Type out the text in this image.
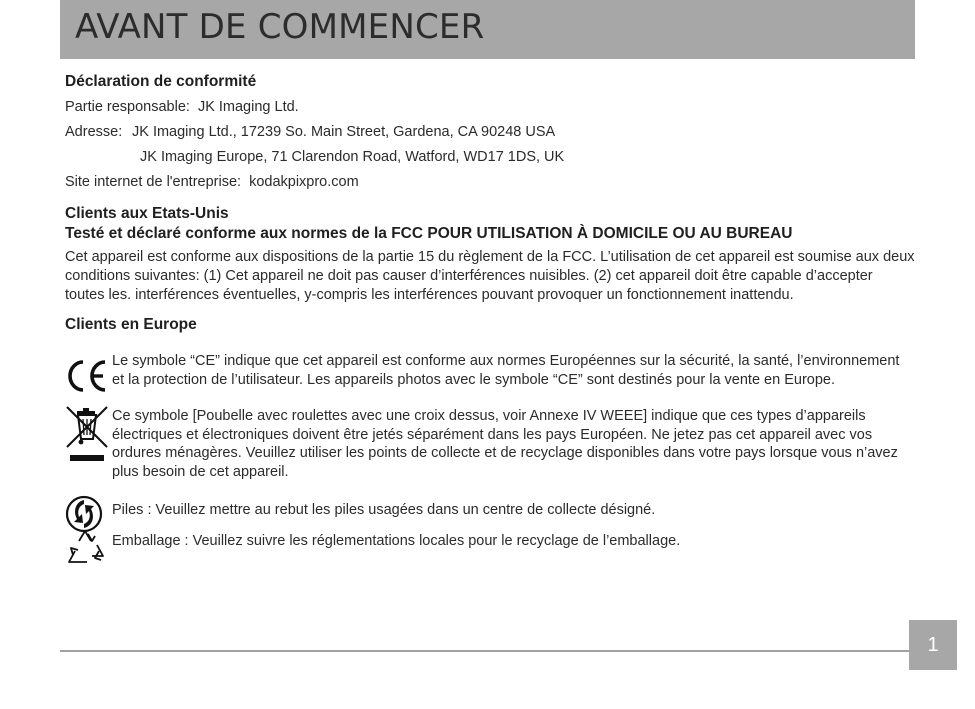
AVANT DE COMMENCER

Déclaration de conformité

Partie responsable: JK Imaging Ltd.

Adresse: JK Imaging Ltd., 17239 So. Main Street, Gardena, CA 90248 USA

JK Imaging Europe, 71 Clarendon Road, Watford, WD17 1DS, UK

Site internet de l'entreprise: kodakpixpro.com

Clients aux Etats-Unis

Testé et déclaré conforme aux normes de la FCC POUR UTILISATION À DOMICILE OU AU BUREAU

Cet appareil est conforme aux dispositions de la partie 15 du règlement de la FCC. L’utilisation de cet appareil est soumise aux deux conditions suivantes: (1) Cet appareil ne doit pas causer d’interférences nuisibles. (2) cet appareil doit être capable d’accepter toutes les. interférences éventuelles, y-compris les interférences pouvant provoquer un fonctionnement inattendu.

Clients en Europe

Le symbole “CE” indique que cet appareil est conforme aux normes Européennes sur la sécurité, la santé, l’environnement et la protection de l’utilisateur. Les appareils photos avec le symbole “CE” sont destinés pour la vente en Europe.

Ce symbole [Poubelle avec roulettes avec une croix dessus, voir Annexe IV WEEE] indique que ces types d’appareils électriques et électroniques doivent être jetés séparément dans les pays Européen. Ne jetez pas cet appareil avec vos ordures ménagères. Veuillez utiliser les points de collecte et de recyclage disponibles dans votre pays lorsque vous n’avez plus besoin de cet appareil.

Piles : Veuillez mettre au rebut les piles usagées dans un centre de collecte désigné.

Emballage : Veuillez suivre les réglementations locales pour le recyclage de l’emballage.

1
